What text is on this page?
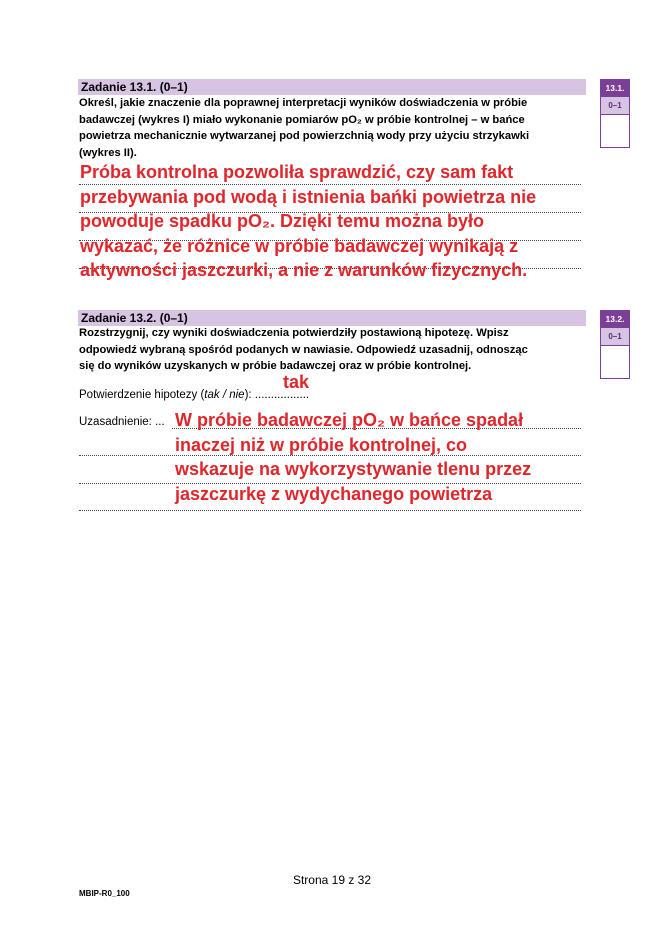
Zadanie 13.1. (0–1)
Określ, jakie znaczenie dla poprawnej interpretacji wyników doświadczenia w próbie
badawczej (wykres I) miało wykonanie pomiarów pO₂ w próbie kontrolnej – w bańce
powietrza mechanicznie wytwarzanej pod powierzchnią wody przy użyciu strzykawki
(wykres II).
Próba kontrolna pozwoliła sprawdzić, czy sam fakt
przebywania pod wodą i istnienia bańki powietrza nie
powoduje spadku pO₂. Dzięki temu można było
wykazać, że różnice w próbie badawczej wynikają z
aktywności jaszczurki, a nie z warunków fizycznych.
13.1.
0–1
Zadanie 13.2. (0–1)
Rozstrzygnij, czy wyniki doświadczenia potwierdziły postawioną hipotezę. Wpisz
odpowiedź wybraną spośród podanych w nawiasie. Odpowiedź uzasadnij, odnosząc
się do wyników uzyskanych w próbie badawczej oraz w próbie kontrolnej.
Potwierdzenie hipotezy (tak / nie): .................
tak
Uzasadnienie: ... W próbie badawczej pO₂ w bańce spadał
inaczej niż w próbie kontrolnej, co
wskazuje na wykorzystywanie tlenu przez
jaszczurkę z wydychanego powietrza
13.2.
0–1
Strona 19 z 32
MBIP-R0_100
